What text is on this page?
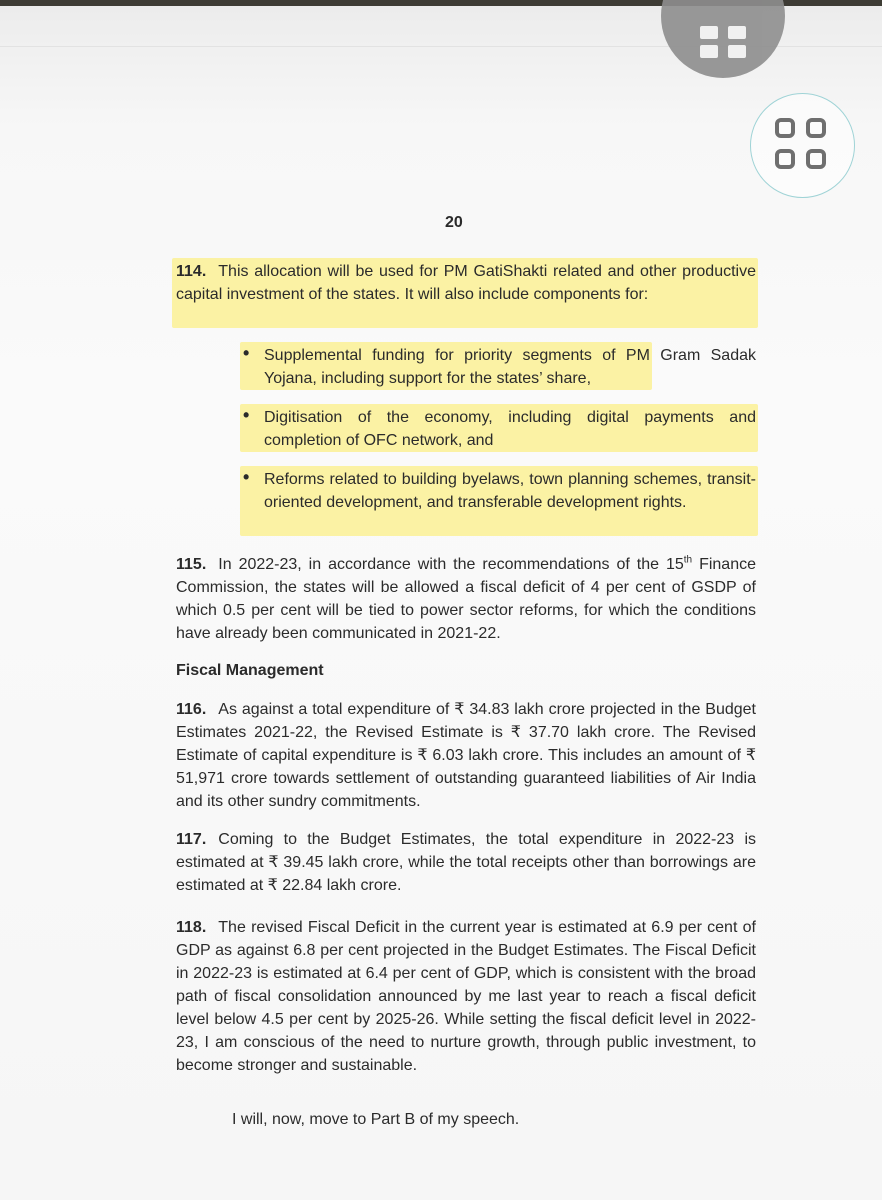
20
114. This allocation will be used for PM GatiShakti related and other productive capital investment of the states. It will also include components for:
• Supplemental funding for priority segments of PM Gram Sadak Yojana, including support for the states’ share,
• Digitisation of the economy, including digital payments and completion of OFC network, and
• Reforms related to building byelaws, town planning schemes, transit-oriented development, and transferable development rights.
115. In 2022-23, in accordance with the recommendations of the 15th Finance Commission, the states will be allowed a fiscal deficit of 4 per cent of GSDP of which 0.5 per cent will be tied to power sector reforms, for which the conditions have already been communicated in 2021-22.
Fiscal Management
116. As against a total expenditure of ₹ 34.83 lakh crore projected in the Budget Estimates 2021-22, the Revised Estimate is ₹ 37.70 lakh crore. The Revised Estimate of capital expenditure is ₹ 6.03 lakh crore. This includes an amount of ₹ 51,971 crore towards settlement of outstanding guaranteed liabilities of Air India and its other sundry commitments.
117. Coming to the Budget Estimates, the total expenditure in 2022-23 is estimated at ₹ 39.45 lakh crore, while the total receipts other than borrowings are estimated at ₹ 22.84 lakh crore.
118. The revised Fiscal Deficit in the current year is estimated at 6.9 per cent of GDP as against 6.8 per cent projected in the Budget Estimates. The Fiscal Deficit in 2022-23 is estimated at 6.4 per cent of GDP, which is consistent with the broad path of fiscal consolidation announced by me last year to reach a fiscal deficit level below 4.5 per cent by 2025-26. While setting the fiscal deficit level in 2022-23, I am conscious of the need to nurture growth, through public investment, to become stronger and sustainable.
I will, now, move to Part B of my speech.
